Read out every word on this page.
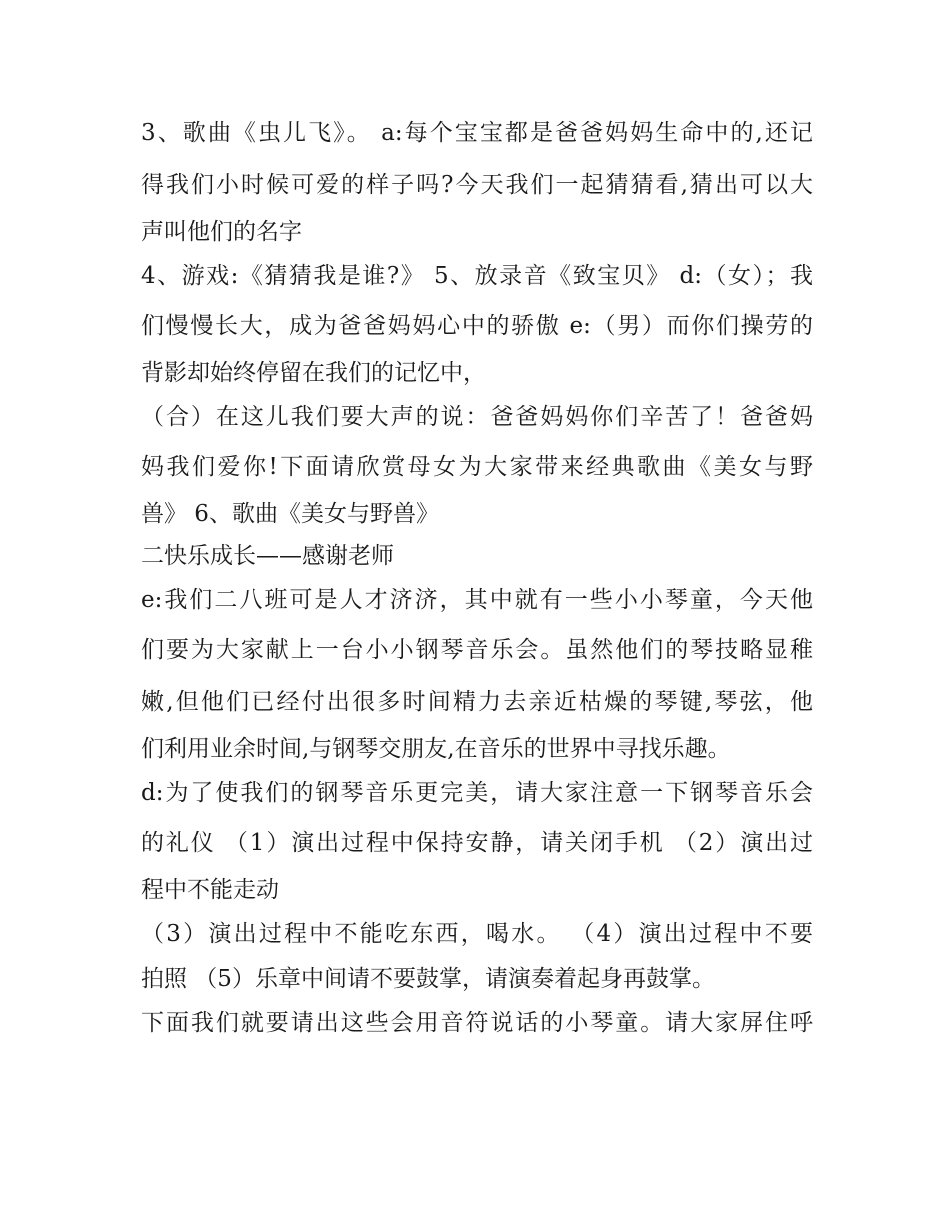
3、歌曲《虫儿飞》。 a:每个宝宝都是爸爸妈妈生命中的,还记
得我们小时候可爱的样子吗?今天我们一起猜猜看,猜出可以大
声叫他们的名字
4、游戏:《猜猜我是谁?》 5、放录音《致宝贝》 d:（女）；我
们慢慢长大，成为爸爸妈妈心中的骄傲 e:（男）而你们操劳的
背影却始终停留在我们的记忆中，
（合）在这儿我们要大声的说：爸爸妈妈你们辛苦了！爸爸妈
妈我们爱你!下面请欣赏母女为大家带来经典歌曲《美女与野
兽》 6、歌曲《美女与野兽》
二快乐成长——感谢老师
e:我们二八班可是人才济济，其中就有一些小小琴童，今天他
们要为大家献上一台小小钢琴音乐会。虽然他们的琴技略显稚
嫩,但他们已经付出很多时间精力去亲近枯燥的琴键,琴弦，他
们利用业余时间,与钢琴交朋友,在音乐的世界中寻找乐趣。
d:为了使我们的钢琴音乐更完美，请大家注意一下钢琴音乐会
的礼仪 （1）演出过程中保持安静，请关闭手机 （2）演出过
程中不能走动
（3）演出过程中不能吃东西，喝水。 （4）演出过程中不要
拍照 （5）乐章中间请不要鼓掌，请演奏着起身再鼓掌。
下面我们就要请出这些会用音符说话的小琴童。请大家屏住呼
